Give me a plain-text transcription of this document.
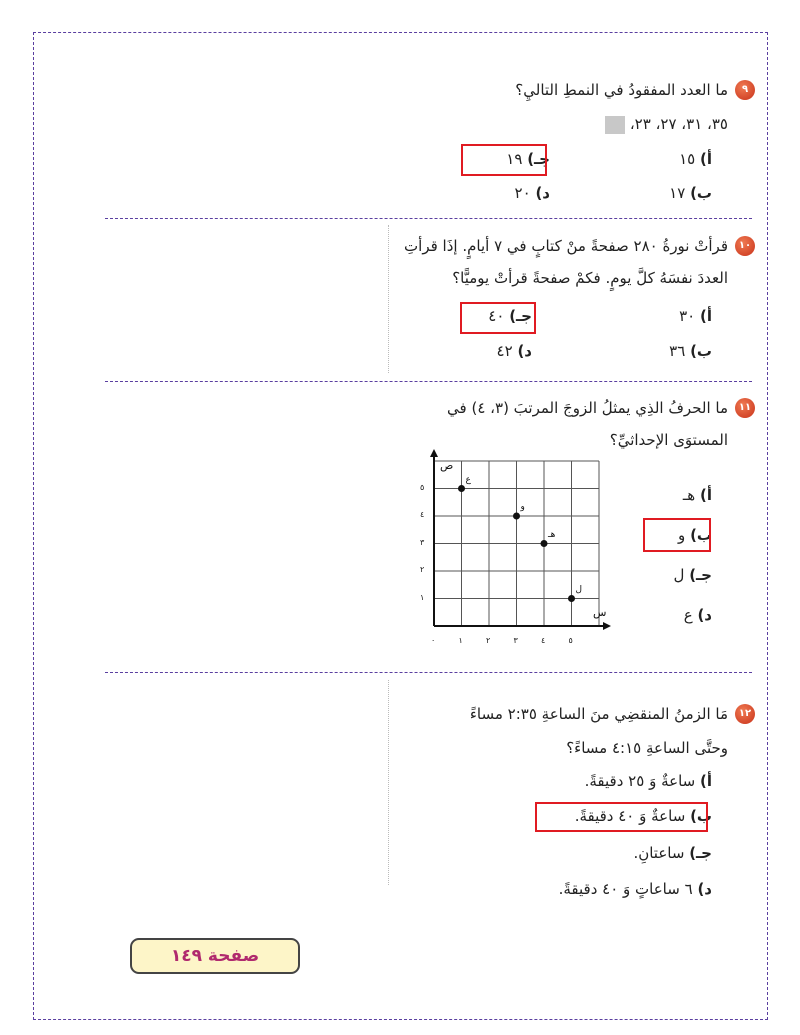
٩
ما العدد المفقودُ في النمطِ التاليِ؟
٣٥، ٣١، ٢٧، ٢٣،
أ) ١٥
جـ) ١٩
ب) ١٧
د) ٢٠
١٠
قرأتْ نورةُ ٢٨٠ صفحةً منْ كتابٍ في ٧ أيامٍ. إذَا قرأتِ
العددَ نفسَهُ كلَّ يومٍ. فكمْ صفحةً قرأتْ يوميًّا؟
أ) ٣٠
جـ) ٤٠
ب) ٣٦
د) ٤٢
١١
ما الحرفُ الذِي يمثلُ الزوجَ المرتبَ (٣، ٤) في
المستوَى الإحداثيِّ؟
أ) هـ
ب) و
جـ) ل
د) ع
٠	١
١
٢
٢
٣
٣
٤
٤
٥
٥
س
ص
ع
و
هـ
ل
١٢
مَا الزمنُ المنقضِي منَ الساعةِ ٢:٣٥ مساءً
وحتَّى الساعةِ ٤:١٥ مساءً؟
أ) ساعةٌ وَ ٢٥ دقيقةً.
ب) ساعةٌ وَ ٤٠ دقيقةً.
جـ) ساعتانِ.
د) ٦ ساعاتٍ وَ ٤٠ دقيقةً.
صفحة ١٤٩
